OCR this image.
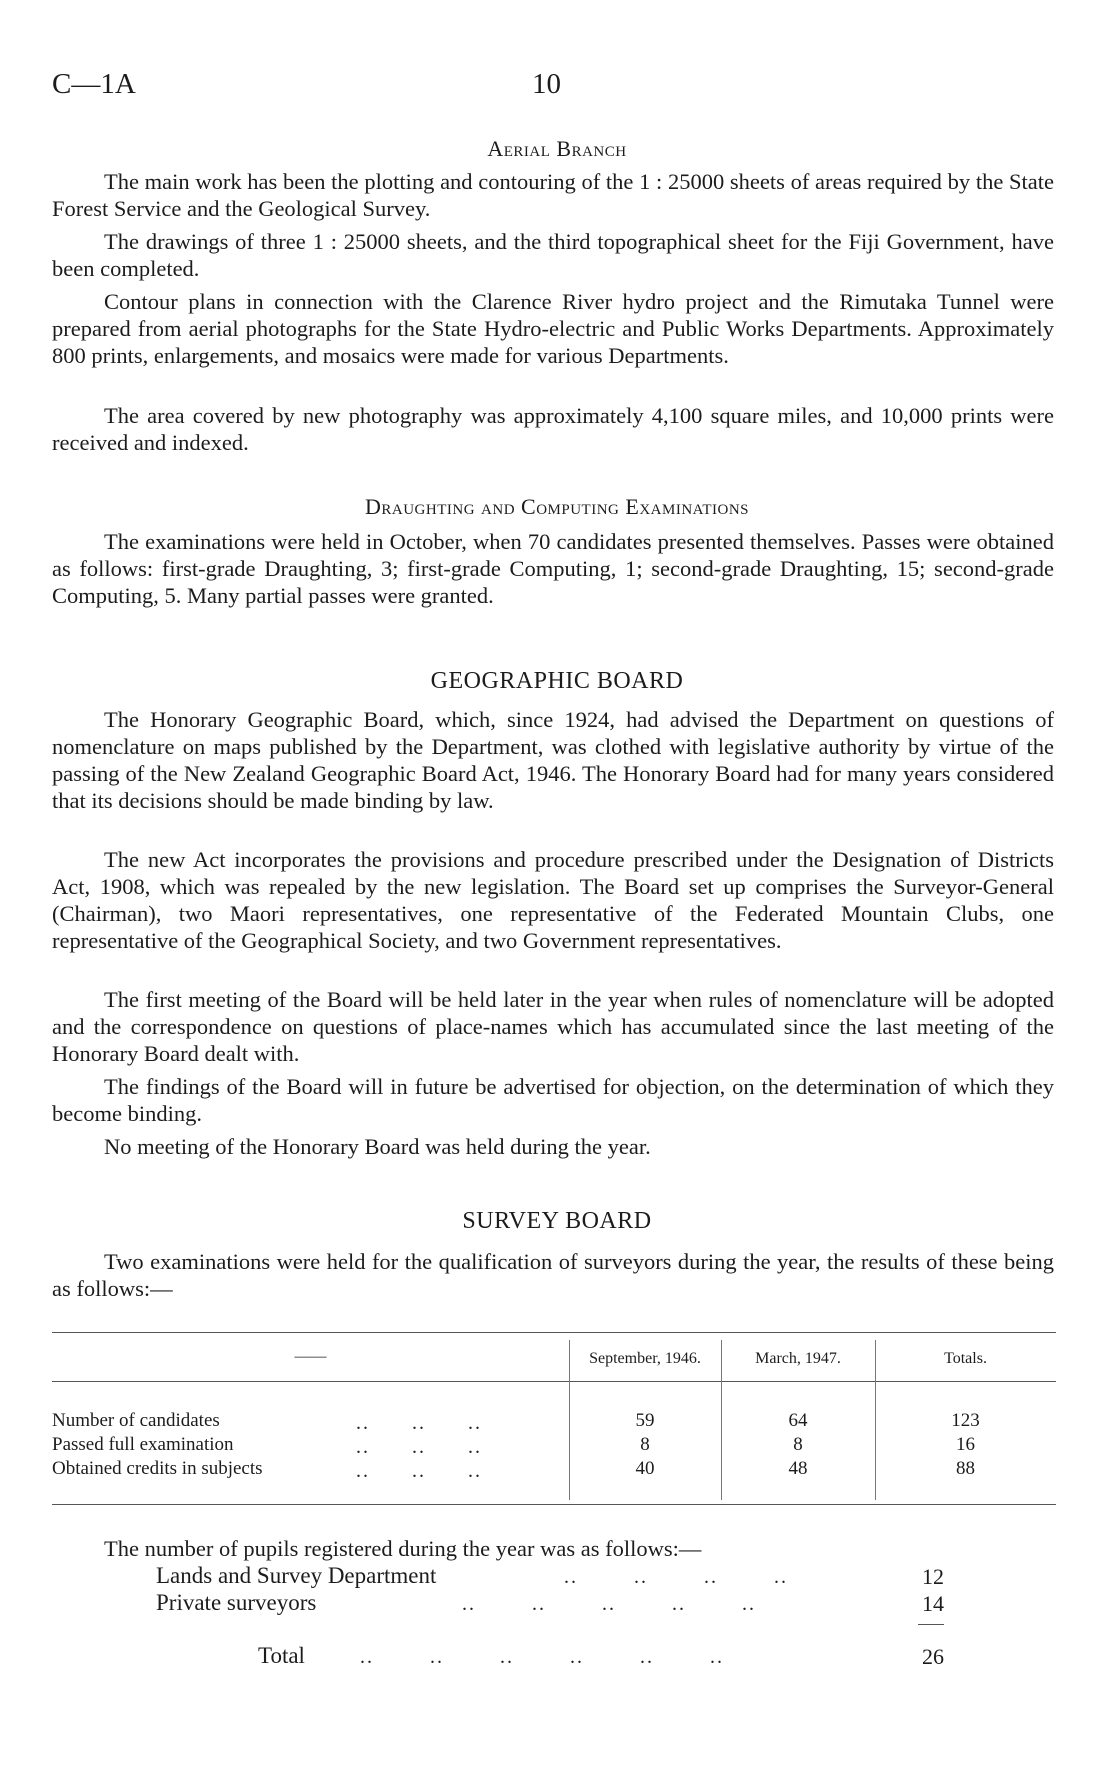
C—1A	10
Aerial Branch

The main work has been the plotting and contouring of the 1 : 25000 sheets of areas required by the State Forest Service and the Geological Survey.

The drawings of three 1 : 25000 sheets, and the third topographical sheet for the Fiji Government, have been completed.

Contour plans in connection with the Clarence River hydro project and the Rimutaka Tunnel were prepared from aerial photographs for the State Hydro-electric and Public Works Departments. Approximately 800 prints, enlargements, and mosaics were made for various Departments.

The area covered by new photography was approximately 4,100 square miles, and 10,000 prints were received and indexed.

Draughting and Computing Examinations

The examinations were held in October, when 70 candidates presented themselves. Passes were obtained as follows: first-grade Draughting, 3; first-grade Computing, 1; second-grade Draughting, 15; second-grade Computing, 5. Many partial passes were granted.

GEOGRAPHIC BOARD

The Honorary Geographic Board, which, since 1924, had advised the Department on questions of nomenclature on maps published by the Department, was clothed with legislative authority by virtue of the passing of the New Zealand Geographic Board Act, 1946. The Honorary Board had for many years considered that its decisions should be made binding by law.

The new Act incorporates the provisions and procedure prescribed under the Designation of Districts Act, 1908, which was repealed by the new legislation. The Board set up comprises the Surveyor-General (Chairman), two Maori representatives, one representative of the Federated Mountain Clubs, one representative of the Geographical Society, and two Government representatives.

The first meeting of the Board will be held later in the year when rules of nomenclature will be adopted and the correspondence on questions of place-names which has accumulated since the last meeting of the Honorary Board dealt with.

The findings of the Board will in future be advertised for objection, on the determination of which they become binding.

No meeting of the Honorary Board was held during the year.

SURVEY BOARD

Two examinations were held for the qualification of surveyors during the year, the results of these being as follows:—

——	September, 1946.	March, 1947.	Totals.
Number of candidates	..      ..      ..	59	64	123
Passed full examination	..      ..      ..	8	8	16
Obtained credits in subjects	..      ..      ..	40	48	88
The number of pupils registered during the year was as follows:—
Lands and Survey Department	..        ..        ..        ..	12
Private surveyors	..        ..        ..        ..        ..	14
Total	..        ..        ..        ..        ..        ..	26
